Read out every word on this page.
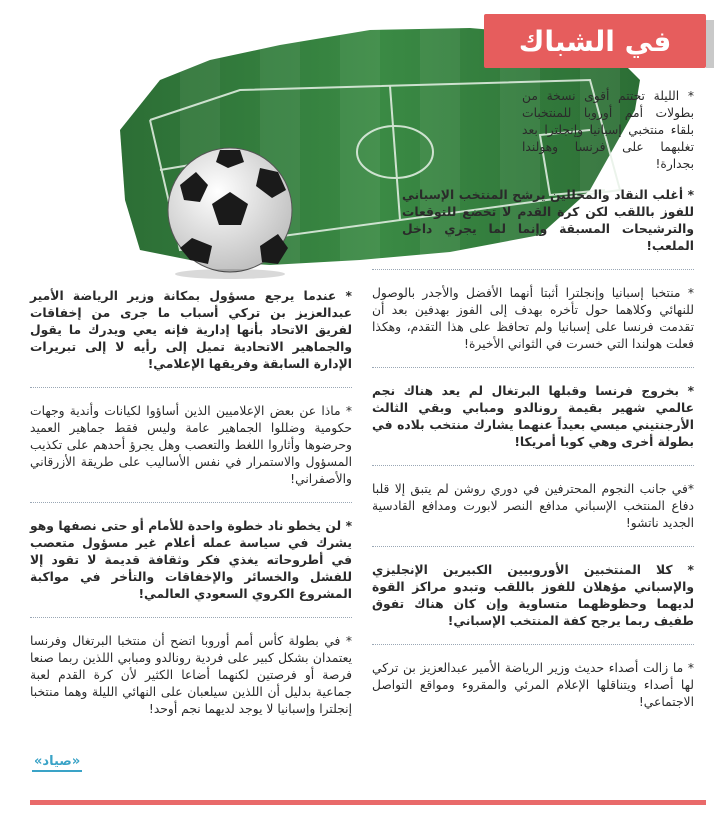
في الشباك

* الليلة تختتم أقوى نسخة من بطولات أمم أوروبا للمنتخبات بلقاء منتخبي إسبانيا وإنجلترا بعد تغلبهما على فرنسا وهولندا بجدارة!

* أغلب النقاد والمحللين يرشح المنتخب الإسباني للفوز باللقب لكن كرة القدم لا تخضع للتوقعات والترشيحات المسبقة وإنما لما يجري داخل الملعب!

* منتخبا إسبانيا وإنجلترا أثبتا أنهما الأفضل والأجدر بالوصول للنهائي وكلاهما حول تأخره بهدف إلى الفوز بهدفين بعد أن تقدمت فرنسا على إسبانيا ولم تحافظ على هذا التقدم، وهكذا فعلت هولندا التي خسرت في الثواني الأخيرة!

* بخروج فرنسا وقبلها البرتغال لم يعد هناك نجم عالمي شهير بقيمة رونالدو ومبابي وبقي الثالث الأرجنتيني ميسي بعيداً عنهما يشارك منتخب بلاده في بطولة أخرى وهي كوبا أمريكا!

*في جانب النجوم المحترفين في دوري روشن لم يتبق إلا قلبا دفاع المنتخب الإسباني مدافع النصر لابورت ومدافع القادسية الجديد ناتشو!

* كلا المنتخبين الأوروبيين الكبيرين الإنجليزي والإسباني مؤهلان للفوز باللقب وتبدو مراكز القوة لديهما وحظوظهما متساوية وإن كان هناك تفوق طفيف ربما يرجح كفة المنتخب الإسباني!

* ما زالت أصداء حديث وزير الرياضة الأمير عبدالعزيز بن تركي لها أصداء ويتناقلها الإعلام المرئي والمقروء ومواقع التواصل الاجتماعي!

* عندما يرجع مسؤول بمكانة وزير الرياضة الأمير عبدالعزيز بن تركي أسباب ما جرى من إخفاقات لفريق الاتحاد بأنها إدارية فإنه يعي ويدرك ما يقول والجماهير الاتحادية تميل إلى رأيه لا إلى تبريرات الإدارة السابقة وفريقها الإعلامي!

* ماذا عن بعض الإعلاميين الذين أساؤوا لكيانات وأندية وجهات حكومية وضللوا الجماهير عامة وليس فقط جماهير العميد وحرضوها وأثاروا اللغط والتعصب وهل يجرؤ أحدهم على تكذيب المسؤول والاستمرار في نفس الأساليب على طريقة الأزرقاني والأصفراني!

* لن يخطو ناد خطوة واحدة للأمام أو حتى نصفها وهو يشرك في سياسة عمله أعلام غير مسؤول متعصب في أطروحاته يغذي فكر وثقافة قديمة لا تقود إلا للفشل والخسائر والإخفاقات والتأخر في مواكبة المشروع الكروي السعودي العالمي!

* في بطولة كأس أمم أوروبا اتضح أن منتخبا البرتغال وفرنسا يعتمدان بشكل كبير على فردية رونالدو ومبابي اللذين ربما صنعا فرصة أو فرصتين لكنهما أضاعا الكثير لأن كرة القدم لعبة جماعية بدليل أن اللذين سيلعبان على النهائي الليلة وهما منتخبا إنجلترا وإسبانيا لا يوجد لديهما نجم أوحد!

«صياد»
